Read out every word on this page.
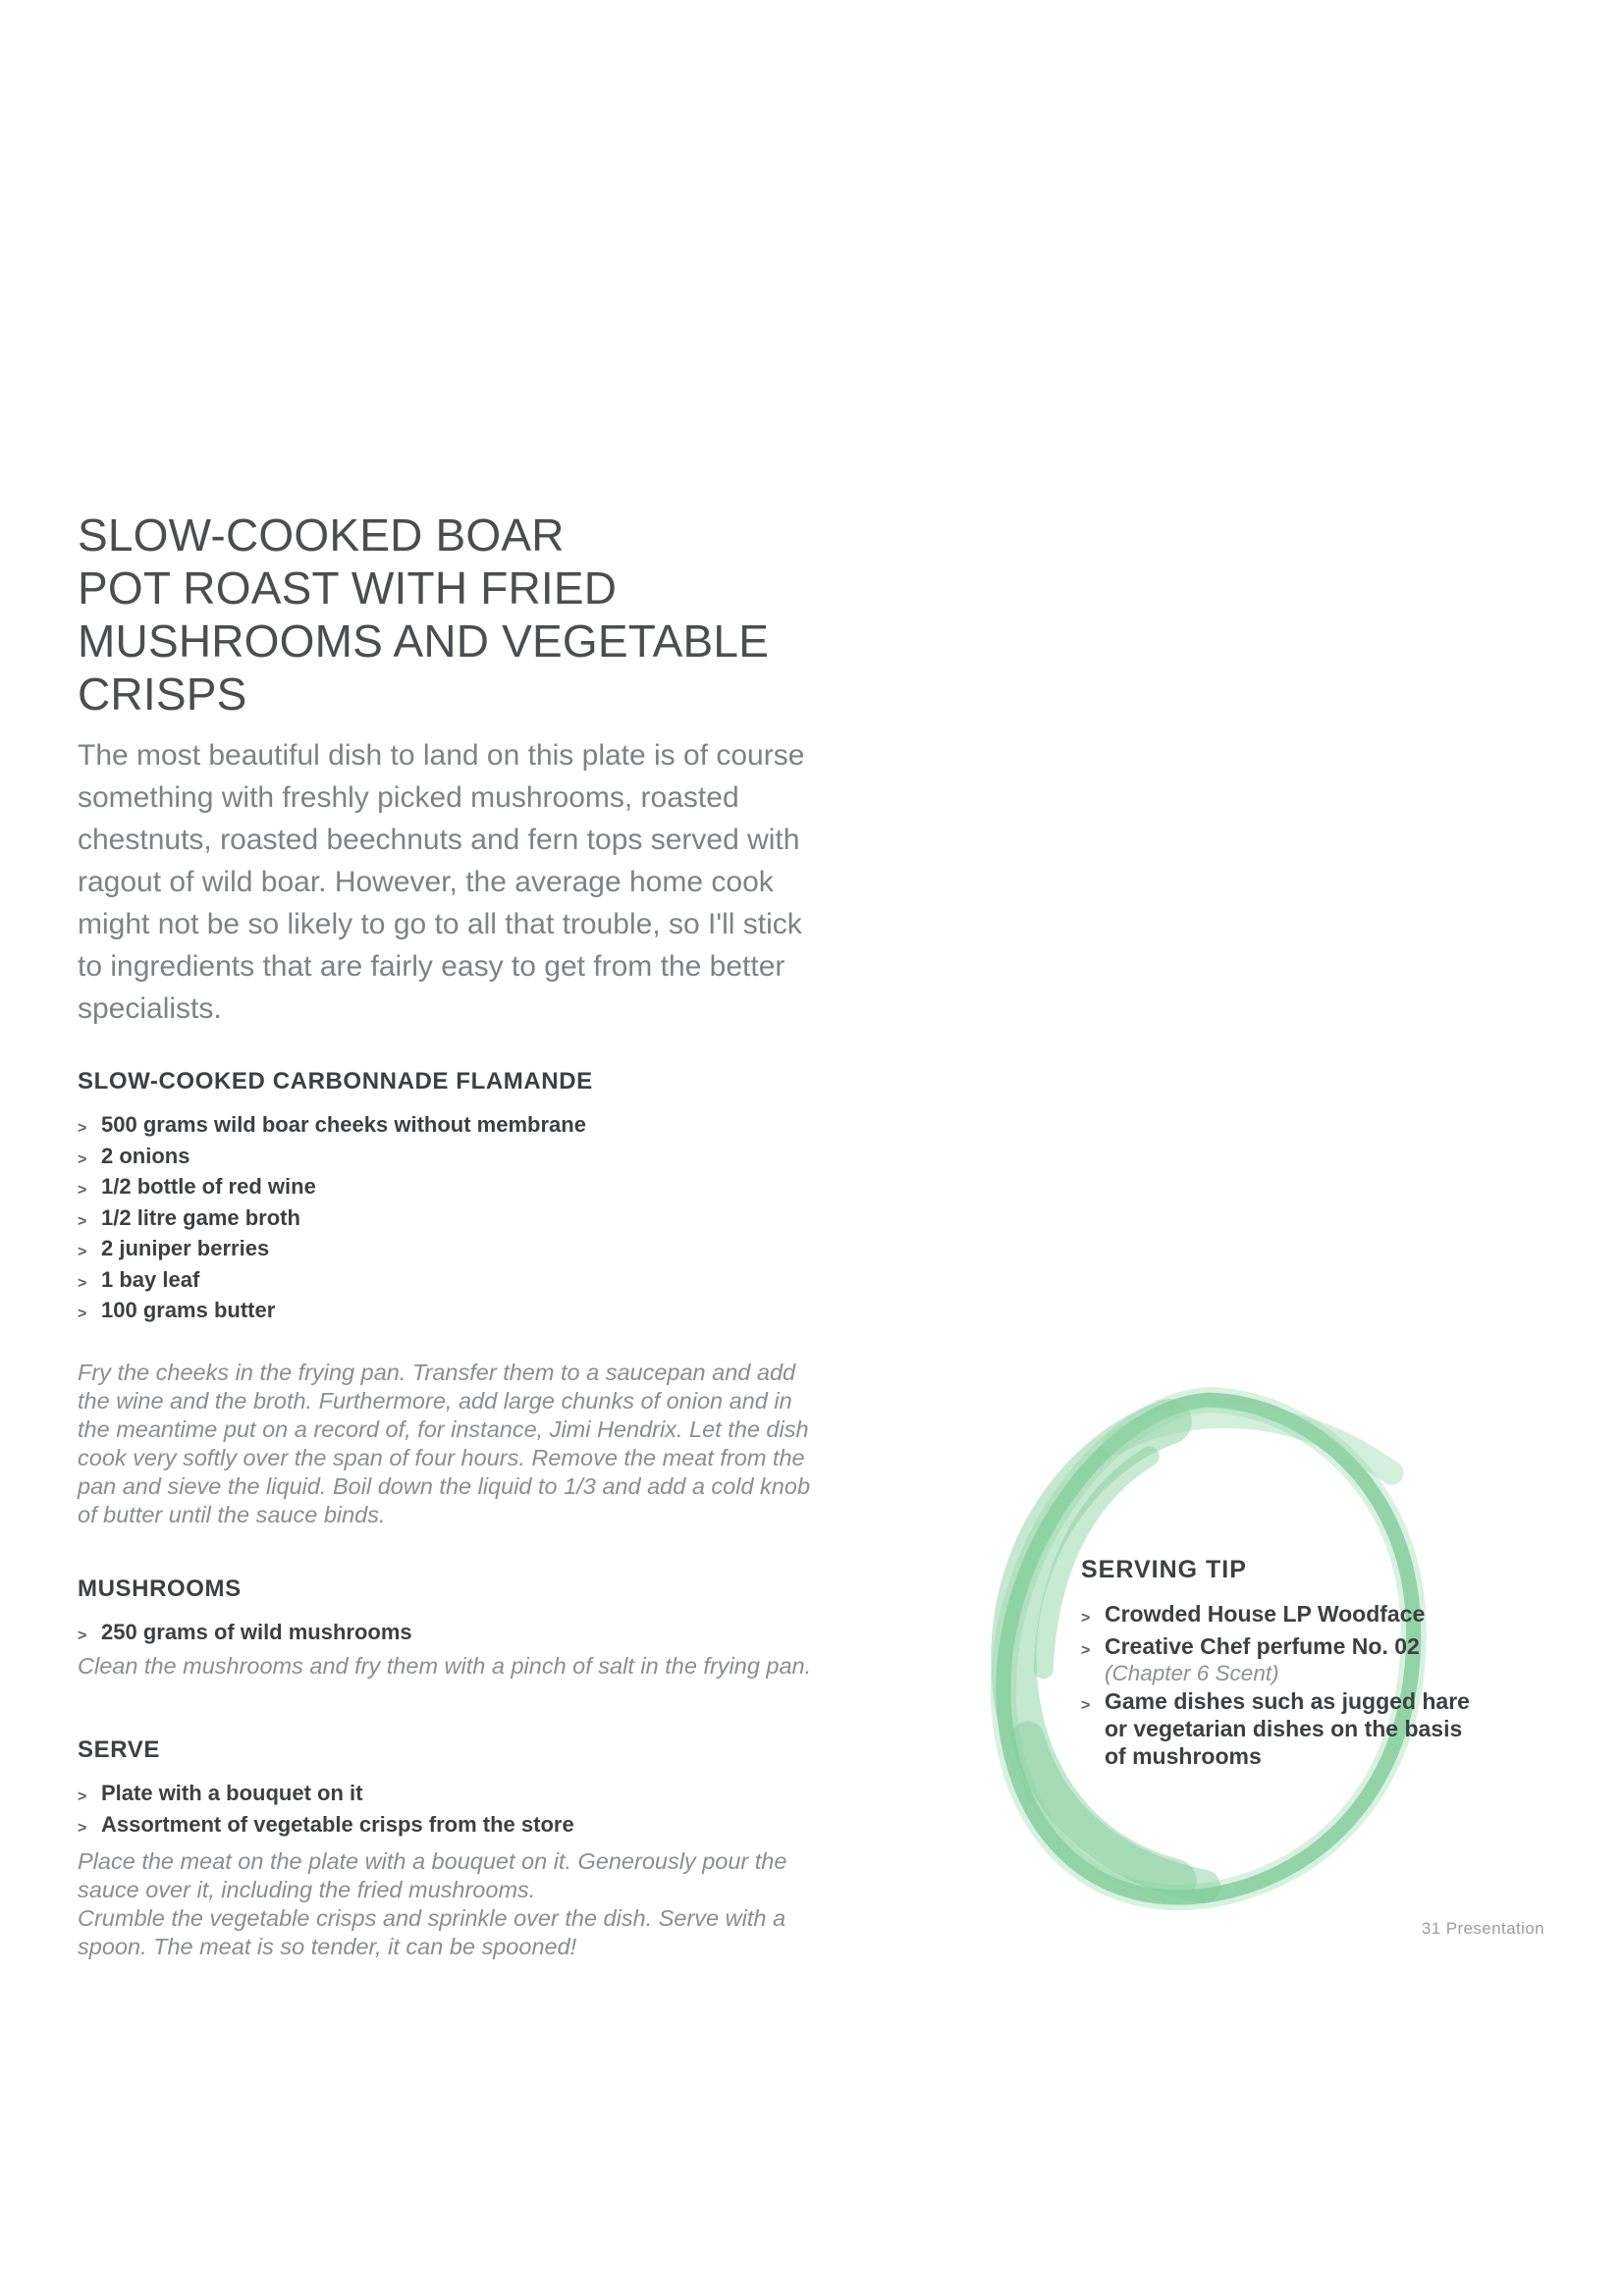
SLOW-COOKED BOAR
POT ROAST WITH FRIED
MUSHROOMS AND VEGETABLE
CRISPS

The most beautiful dish to land on this plate is of course something with freshly picked mushrooms, roasted chestnuts, roasted beechnuts and fern tops served with ragout of wild boar. However, the average home cook might not be so likely to go to all that trouble, so I'll stick to ingredients that are fairly easy to get from the better specialists.

SLOW-COOKED CARBONNADE FLAMANDE
> 500 grams wild boar cheeks without membrane
> 2 onions
> 1/2 bottle of red wine
> 1/2 litre game broth
> 2 juniper berries
> 1 bay leaf
> 100 grams butter

Fry the cheeks in the frying pan. Transfer them to a saucepan and add the wine and the broth. Furthermore, add large chunks of onion and in the meantime put on a record of, for instance, Jimi Hendrix. Let the dish cook very softly over the span of four hours. Remove the meat from the pan and sieve the liquid. Boil down the liquid to 1/3 and add a cold knob of butter until the sauce binds.

MUSHROOMS
> 250 grams of wild mushrooms

Clean the mushrooms and fry them with a pinch of salt in the frying pan.

SERVE
> Plate with a bouquet on it
> Assortment of vegetable crisps from the store

Place the meat on the plate with a bouquet on it. Generously pour the sauce over it, including the fried mushrooms.

Crumble the vegetable crisps and sprinkle over the dish. Serve with a spoon. The meat is so tender, it can be spooned!

SERVING TIP
> Crowded House LP Woodface
> Creative Chef perfume No. 02
(Chapter 6 Scent)
> Game dishes such as jugged hare or vegetarian dishes on the basis of mushrooms
31 Presentation
